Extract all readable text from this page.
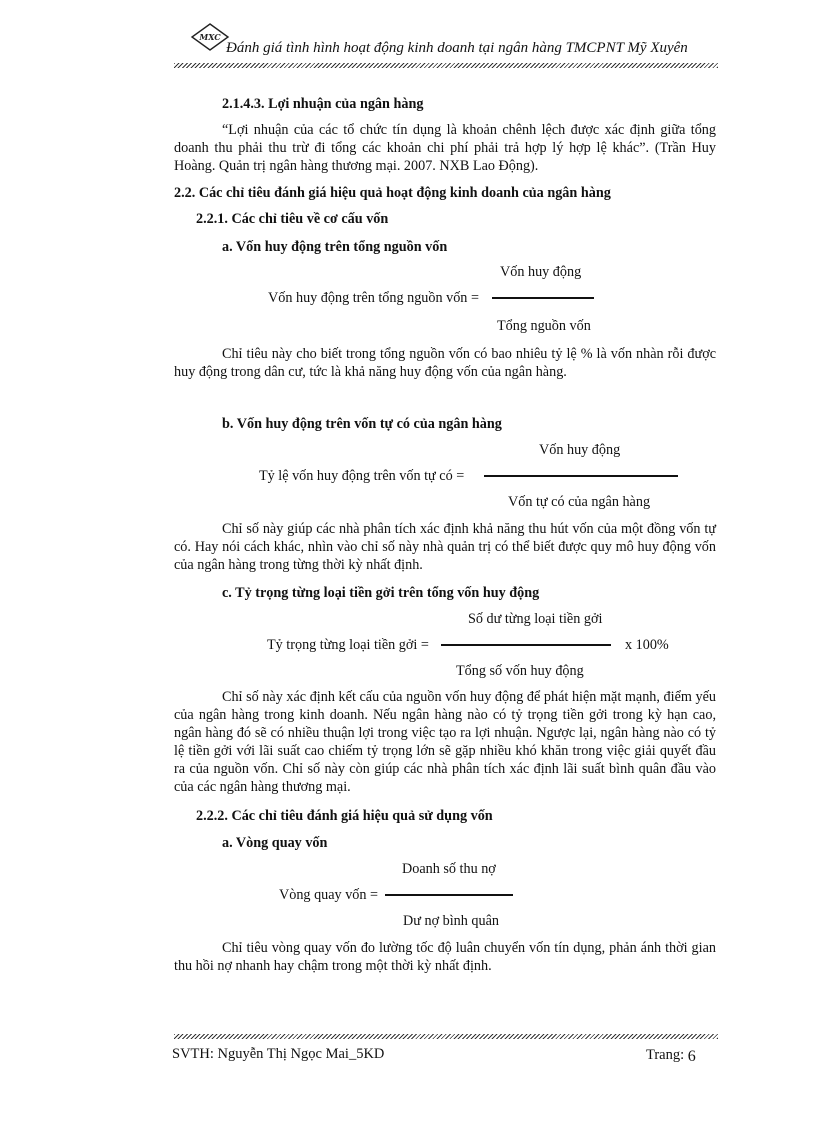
MXC
Đánh giá tình hình hoạt động kinh doanh tại ngân hàng TMCPNT Mỹ Xuyên
2.1.4.3. Lợi nhuận của ngân hàng
“Lợi nhuận của các tổ chức tín dụng là khoản chênh lệch được xác định giữa tổng doanh thu phải thu trừ đi tổng các khoản chi phí phải trả hợp lý hợp lệ khác”. (Trần Huy Hoàng. Quản trị ngân hàng thương mại. 2007. NXB Lao Động).
2.2. Các chỉ tiêu đánh giá hiệu quả hoạt động kinh doanh của ngân hàng
2.2.1. Các chỉ tiêu về cơ cấu vốn
a. Vốn huy động trên tổng nguồn vốn
Vốn huy động
Vốn huy động trên tổng nguồn vốn =
Tổng nguồn vốn
Chỉ tiêu này cho biết trong tổng nguồn vốn có bao nhiêu tỷ lệ % là vốn nhàn rỗi được huy động trong dân cư, tức là khả năng huy động vốn của ngân hàng.
b. Vốn huy động trên vốn tự có của ngân hàng
Vốn huy động
Tỷ lệ vốn huy động trên vốn tự có =
Vốn tự có của ngân hàng
Chỉ số này giúp các nhà phân tích xác định khả năng thu hút vốn của một đồng vốn tự có. Hay nói cách khác, nhìn vào chỉ số này nhà quản trị có thể biết được quy mô huy động vốn của ngân hàng trong từng thời kỳ nhất định.
c. Tỷ trọng từng loại tiền gởi trên tổng vốn huy động
Số dư từng loại tiền gởi
Tỷ trọng từng loại tiền gởi =	x 100%
Tổng số vốn huy động
Chỉ số này xác định kết cấu của nguồn vốn huy động để phát hiện mặt mạnh, điểm yếu của ngân hàng trong kinh doanh. Nếu ngân hàng nào có tỷ trọng tiền gởi trong kỳ hạn cao, ngân hàng đó sẽ có nhiều thuận lợi trong việc tạo ra lợi nhuận. Ngược lại, ngân hàng nào có tỷ lệ tiền gởi với lãi suất cao chiếm tỷ trọng lớn sẽ gặp nhiều khó khăn trong việc giải quyết đầu ra của nguồn vốn. Chỉ số này còn giúp các nhà phân tích xác định lãi suất bình quân đầu vào của các ngân hàng thương mại.
2.2.2. Các chỉ tiêu đánh giá hiệu quả sử dụng vốn
a. Vòng quay vốn
Doanh số thu nợ
Vòng quay vốn =
Dư nợ bình quân
Chỉ tiêu vòng quay vốn đo lường tốc độ luân chuyển vốn tín dụng, phản ánh thời gian thu hồi nợ nhanh hay chậm trong một thời kỳ nhất định.
SVTH: Nguyễn Thị Ngọc Mai_5KD	Trang: 6
